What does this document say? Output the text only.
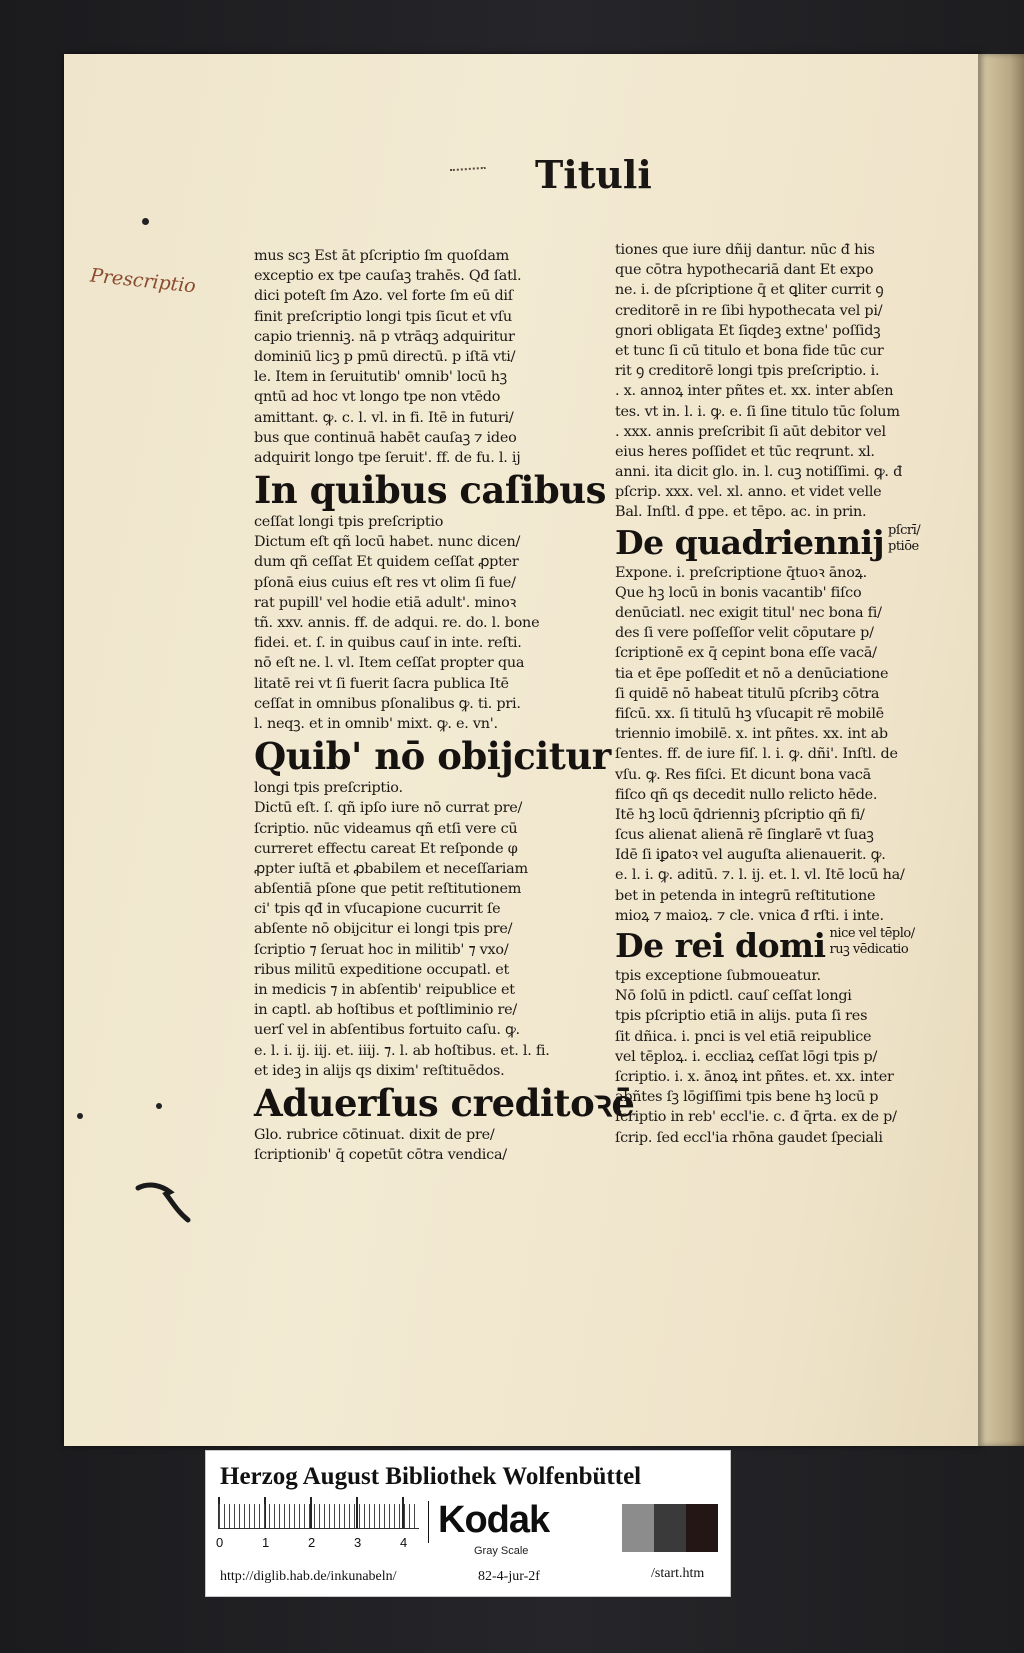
Tituli
Prescriptio
mus scꝫ Est āt pſcriptio ſm quoſdam
exceptio ex tpe cauſaꝫ trahēs. Qđ ſatl.
dici poteſt ſm Azo. vel forte ſm eū diſ
finit preſcriptio longi tpis ſicut et vſu
capio trienniꝫ. nā p vtrāqꝫ adquiritur
dominiū licꝫ p pmū directū. p iſtā vti/
le. Item in ſeruitutib' omnib' locū hꝫ
qntū ad hoc vt longo tpe non vtēdo
amittant. ꝙ. c. l. vl. in fi. Itē in futuri/
bus que continuā habēt cauſaꝫ ⁊ ideo
adquirit longo tpe ſeruit'. ff. de fu. l. ij
In quibus caſibus
ceſſat longi tpis preſcriptio
Dictum eſt qñ locū habet. nunc dicen/
dum qñ ceſſat Et quidem ceſſat ꝓpter
pſonā eius cuius eſt res vt olim ſi fue/
rat pupill' vel hodie etiā adult'. minoꝛ
tñ. xxv. annis. ff. de adqui. re. do. l. bone
fidei. et. ſ. in quibus cauſ in inte. reſti.
nō eſt ne. l. vl. Item ceſſat propter qua
litatē rei vt ſi fuerit ſacra publica Itē
ceſſat in omnibus pſonalibus ꝙ. ti. pri.
l. neqꝫ. et in omnib' mixt. ꝙ. e. vn'.
Quib' nō obijcitur
longi tpis preſcriptio.
Dictū eſt. ſ. qñ ipſo iure nō currat pre/
ſcriptio. nūc videamus qñ etſi vere cū
curreret effectu careat Et reſponde φ
ꝓpter iuſtā et ꝓbabilem et neceſſariam
abſentiā pſone que petit reſtitutionem
ci' tpis qđ in vſucapione cucurrit ſe
abſente nō obijcitur ei longi tpis pre/
ſcriptio ⁊ ſeruat hoc in militib' ⁊ vxo/
ribus militū expeditione occupatl. et
in medicis ⁊ in abſentib' reipublice et
in captl. ab hoſtibus et poſtliminio re/
uerſ vel in abſentibus fortuito caſu. ꝙ.
e. l. i. ij. iij. et. iiij. ⁊. l. ab hoſtibus. et. l. fi.
et ideꝫ in alijs qs dixim' reſtituēdos.
Aduerſus creditoꝛē
Glo. rubrice cōtinuat. dixit de pre/
ſcriptionib' q̄ copetūt cōtra vendica/
tiones que iure dñij dantur. nūc đ his
que cōtra hypothecariā dant Et expo
ne. i. de pſcriptione q̄ et ꝗliter currit ꝯ
creditorē in re ſibi hypothecata vel pi/
gnori obligata Et ſiqdeꝫ extne' poſſidꝫ
et tunc ſi cū titulo et bona fide tūc cur
rit ꝯ creditorē longi tpis preſcriptio. i.
. x. annoꝝ inter pñtes et. xx. inter abſen
tes. vt in. l. i. ꝙ. e. ſi ſine titulo tūc ſolum
. xxx. annis preſcribit ſi aūt debitor vel
eius heres poſſidet et tūc reqrunt. xl.
anni. ita dicit glo. in. l. cuꝫ notiſſimi. ꝙ. đ
pſcrip. xxx. vel. xl. anno. et videt velle
Bal. Inſtl. đ ppe. et tēpo. ac. in prin.
De quadriennij pſcrī/
ptiōe
Expone. i. preſcriptione q̄tuoꝛ ānoꝝ.
Que hꝫ locū in bonis vacantib' fiſco
denūciatl. nec exigit titul' nec bona fi/
des ſi vere poſſeſſor velit cōputare p/
ſcriptionē ex q̄ cepint bona eſſe vacā/
tia et ēpe poſſedit et nō a denūciatione
ſi quidē nō habeat titulū pſcribꝫ cōtra
fiſcū. xx. ſi titulū hꝫ vſucapit rē mobilē
triennio imobilē. x. int pñtes. xx. int ab
ſentes. ff. de iure fiſ. l. i. ꝙ. dñi'. Inſtl. de
vſu. ꝙ. Res fiſci. Et dicunt bona vacā
fiſco qñ qs decedit nullo relicto hēde.
Itē hꝫ locū q̄drienniꝫ pſcriptio qñ fi/
ſcus alienat alienā rē ſinglarē vt ſuaꝫ
Idē ſi iꝑatoꝛ vel auguſta alienauerit. ꝙ.
e. l. i. ꝙ. aditū. ⁊. l. ij. et. l. vl. Itē locū ha/
bet in petenda in integrū reſtitutione
mioꝝ ⁊ maioꝝ. ⁊ cle. vnica đ rſti. i inte.
De rei domi nice vel tēplo/
ruꝫ vēdicatio
tpis exceptione ſubmoueatur.
Nō ſolū in pdictl. cauſ ceſſat longi
tpis pſcriptio etiā in alijs. puta ſi res
ſit dñica. i. pnci is vel etiā reipublice
vel tēploꝝ. i. eccliaꝝ ceſſat lōgi tpis p/
ſcriptio. i. x. ānoꝝ int pñtes. et. xx. inter
abñtes ſꝫ lōgiſſimi tpis bene hꝫ locū p
ſcriptio in reb' eccl'ie. c. đ q̄rta. ex de p/
ſcrip. ſed eccl'ia rhōna gaudet ſpeciali
Herzog August Bibliothek Wolfenbüttel
0	1	2	3	4
Kodak
Gray Scale
http://diglib.hab.de/inkunabeln/	82-4-jur-2f	/start.htm
